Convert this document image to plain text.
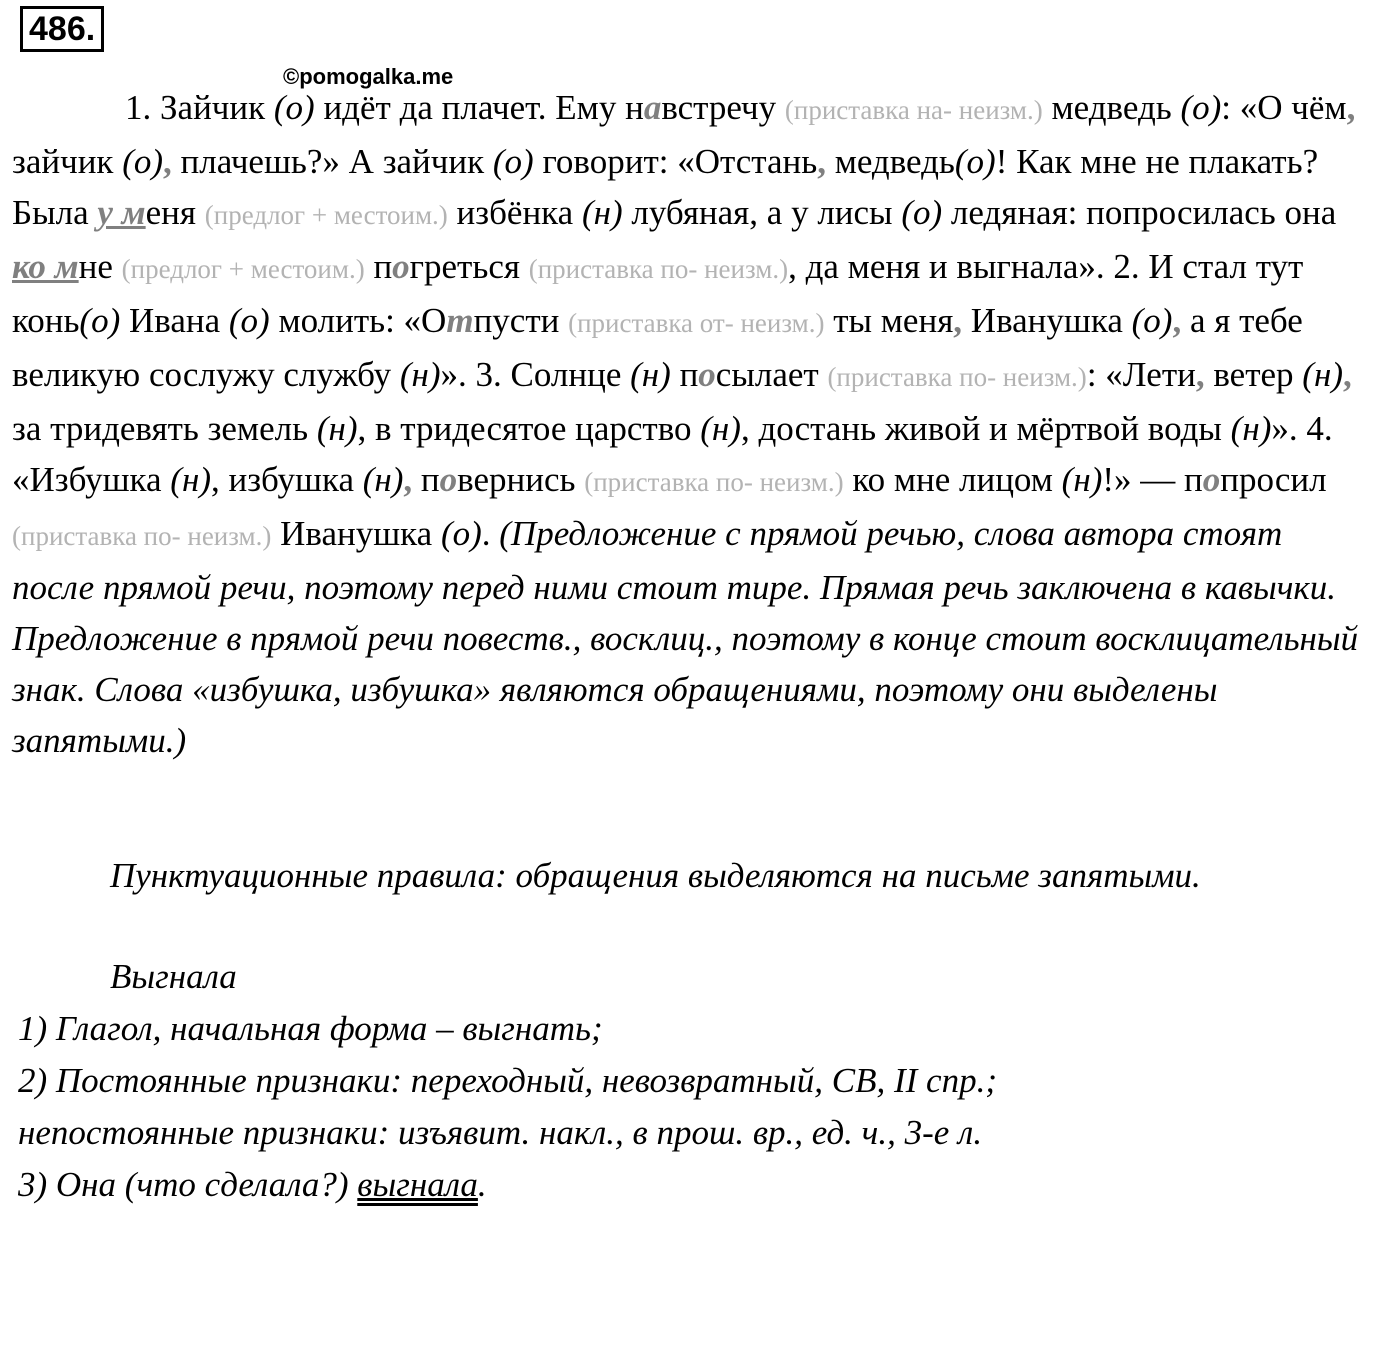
486.
©pomogalka.me

1. Зайчик (о) идёт да плачет. Ему навстречу (приставка на- неизм.) медведь (о): «О чём, зайчик (о), плачешь?» А зайчик (о) говорит: «Отстань, медведь(о)! Как мне не плакать? Была у меня (предлог + местоим.) избёнка (н) лубяная, а у лисы (о) ледяная: попросилась она ко мне (предлог + местоим.) погреться (приставка по- неизм.), да меня и выгнала». 2. И стал тут конь(о) Ивана (о) молить: «Отпусти (приставка от- неизм.) ты меня, Иванушка (о), а я тебе великую сослужу службу (н)». 3. Солнце (н) посылает (приставка по- неизм.): «Лети, ветер (н), за тридевять земель (н), в тридесятое царство (н), достань живой и мёртвой воды (н)». 4. «Избушка (н), избушка (н), повернись (приставка по- неизм.) ко мне лицом (н)!» — попросил (приставка по- неизм.) Иванушка (о). (Предложение с прямой речью, слова автора стоят после прямой речи, поэтому перед ними стоит тире. Прямая речь заключена в кавычки. Предложение в прямой речи повеств., восклиц., поэтому в конце стоит восклицательный знак. Слова «избушка, избушка» являются обращениями, поэтому они выделены запятыми.)

Пунктуационные правила: обращения выделяются на письме запятыми.

Выгнала
1) Глагол, начальная форма – выгнать;
2) Постоянные признаки: переходный, невозвратный, СВ, II спр.;
непостоянные признаки: изъявит. накл., в прош. вр., ед. ч., 3-е л.
3) Она (что сделала?) выгнала.
